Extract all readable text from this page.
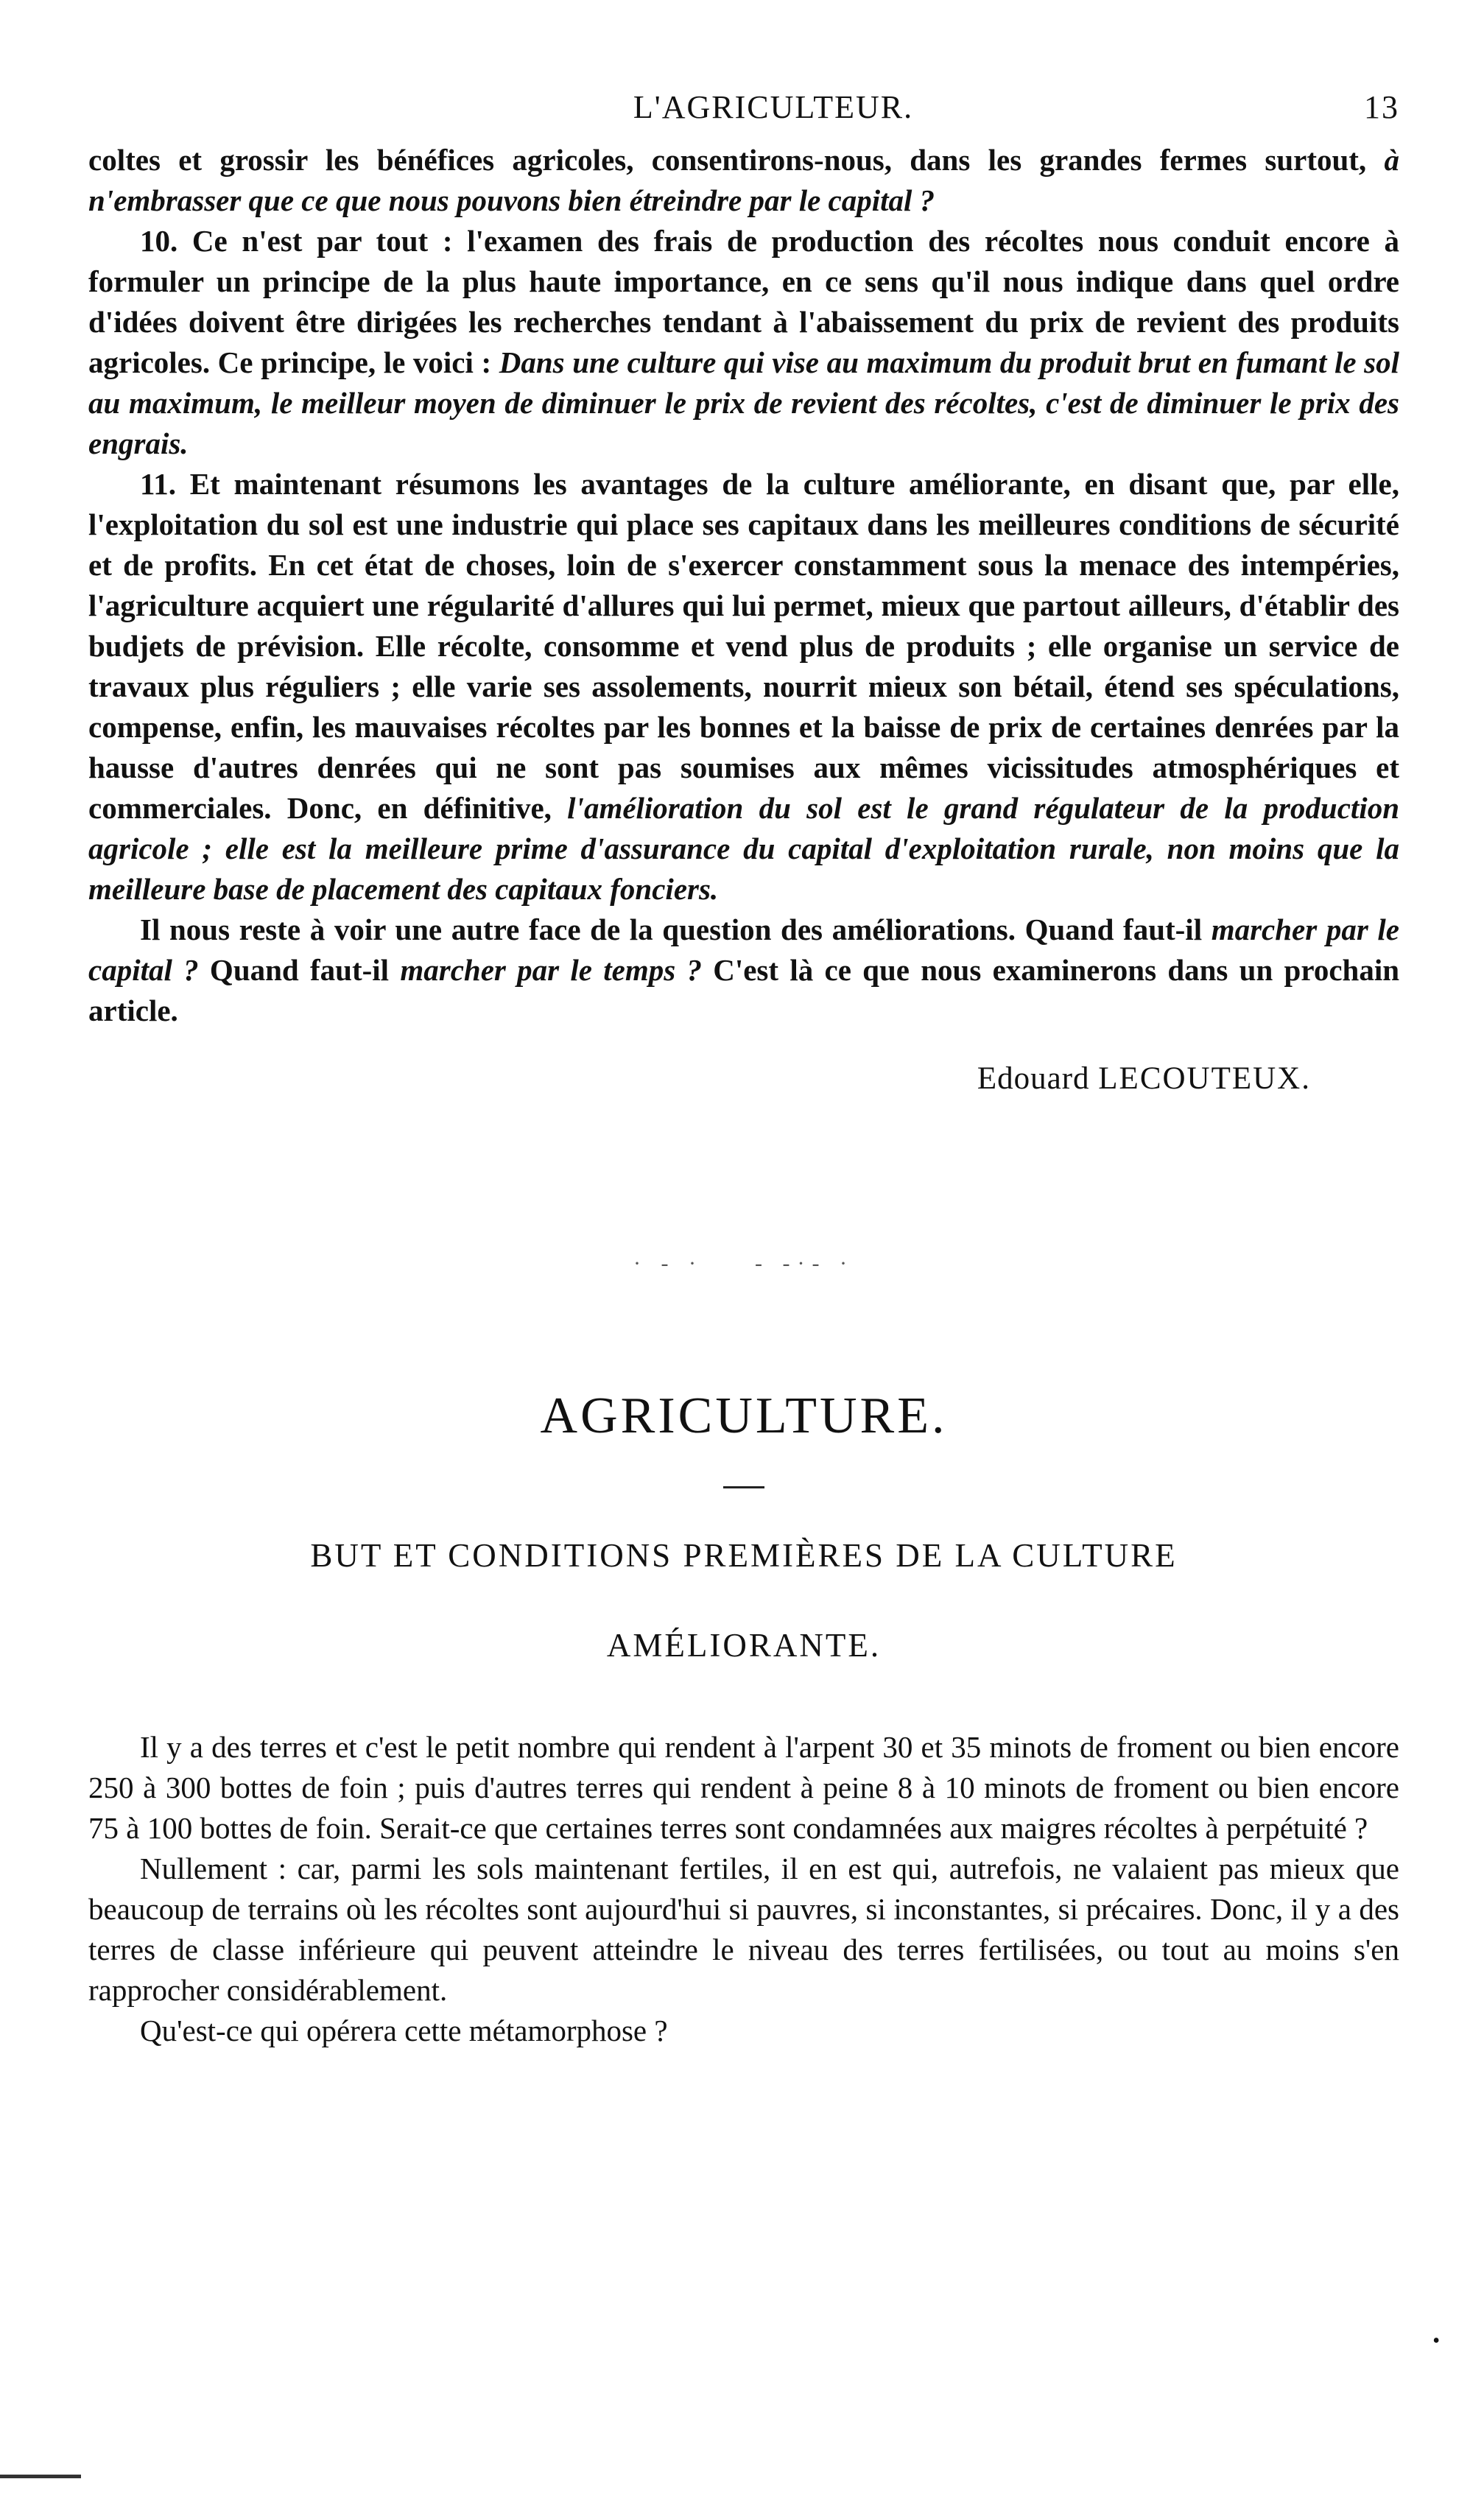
L'AGRICULTEUR.	13

coltes et grossir les bénéfices agricoles, consentirons-nous, dans les grandes fermes surtout, à n'embrasser que ce que nous pouvons bien étreindre par le capital ?

10. Ce n'est par tout : l'examen des frais de production des récoltes nous conduit encore à formuler un principe de la plus haute importance, en ce sens qu'il nous indique dans quel ordre d'idées doivent être dirigées les recherches tendant à l'abaissement du prix de revient des produits agricoles. Ce principe, le voici : Dans une culture qui vise au maximum du produit brut en fumant le sol au maximum, le meilleur moyen de diminuer le prix de revient des récoltes, c'est de diminuer le prix des engrais.

11. Et maintenant résumons les avantages de la culture améliorante, en disant que, par elle, l'exploitation du sol est une industrie qui place ses capitaux dans les meilleures conditions de sécurité et de profits. En cet état de choses, loin de s'exercer constamment sous la menace des intempéries, l'agriculture acquiert une régularité d'allures qui lui permet, mieux que partout ailleurs, d'établir des budjets de prévision. Elle récolte, consomme et vend plus de produits ; elle organise un service de travaux plus réguliers ; elle varie ses assolements, nourrit mieux son bétail, étend ses spéculations, compense, enfin, les mauvaises récoltes par les bonnes et la baisse de prix de certaines denrées par la hausse d'autres denrées qui ne sont pas soumises aux mêmes vicissitudes atmosphériques et commerciales. Donc, en définitive, l'amélioration du sol est le grand régulateur de la production agricole ; elle est la meilleure prime d'assurance du capital d'exploitation rurale, non moins que la meilleure base de placement des capitaux fonciers.

Il nous reste à voir une autre face de la question des améliorations. Quand faut-il marcher par le capital ? Quand faut-il marcher par le temps ? C'est là ce que nous examinerons dans un prochain article.

Edouard LECOUTEUX.
· - ·    - -·- ·
AGRICULTURE.
BUT ET CONDITIONS PREMIÈRES DE LA CULTURE
AMÉLIORANTE.

Il y a des terres et c'est le petit nombre qui rendent à l'arpent 30 et 35 minots de froment ou bien encore 250 à 300 bottes de foin ; puis d'autres terres qui rendent à peine 8 à 10 minots de froment ou bien encore 75 à 100 bottes de foin. Serait-ce que certaines terres sont condamnées aux maigres récoltes à perpétuité ?

Nullement : car, parmi les sols maintenant fertiles, il en est qui, autrefois, ne valaient pas mieux que beaucoup de terrains où les récoltes sont aujourd'hui si pauvres, si inconstantes, si précaires. Donc, il y a des terres de classe inférieure qui peuvent atteindre le niveau des terres fertilisées, ou tout au moins s'en rapprocher considérablement.

Qu'est-ce qui opérera cette métamorphose ?

•
